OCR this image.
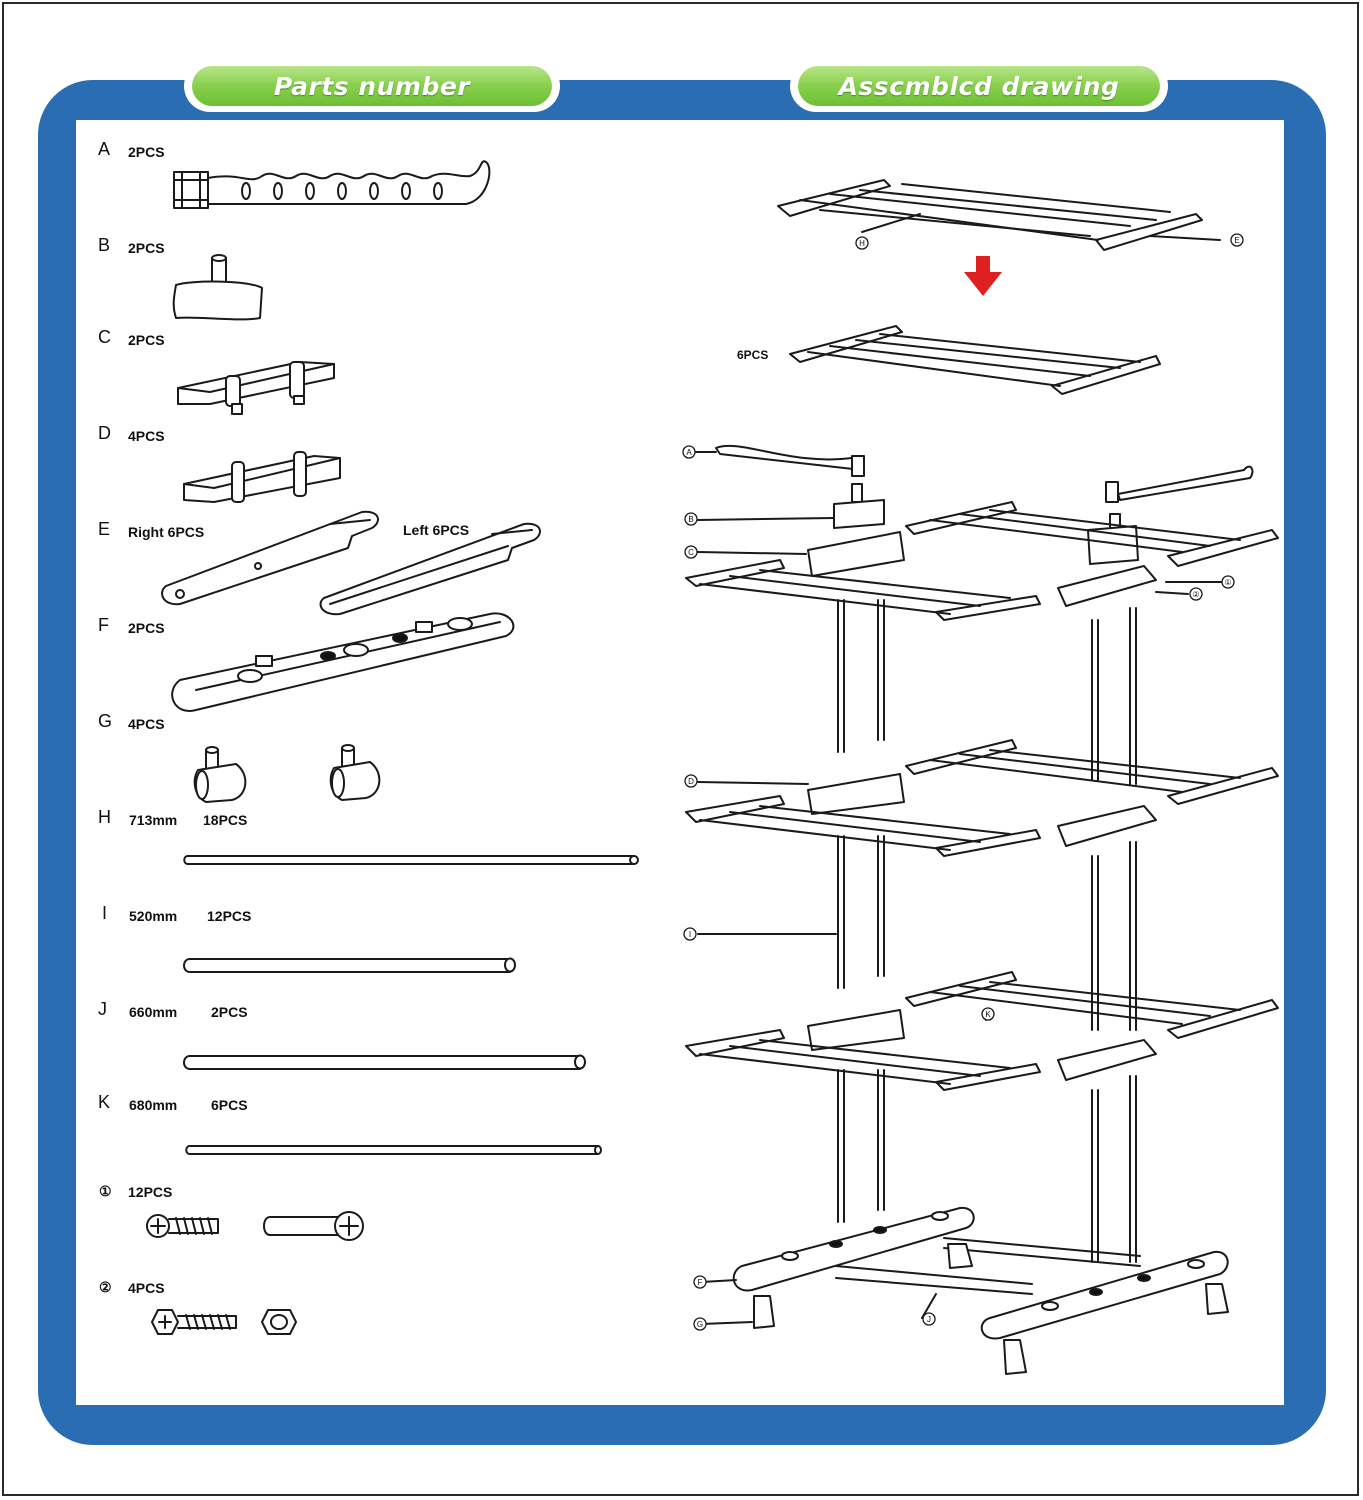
Parts number	Asscmblcd drawing
A 2PCS
B 2PCS
C 2PCS
D 4PCS
E Right 6PCS	Left 6PCS
F 2PCS
G 4PCS
H 713mm 18PCS
I 520mm 12PCS
J 660mm 2PCS
K 680mm 6PCS
① 12PCS
② 4PCS
6PCS
H	E
A
B
C
①
②
D
I
K
F
J
G
